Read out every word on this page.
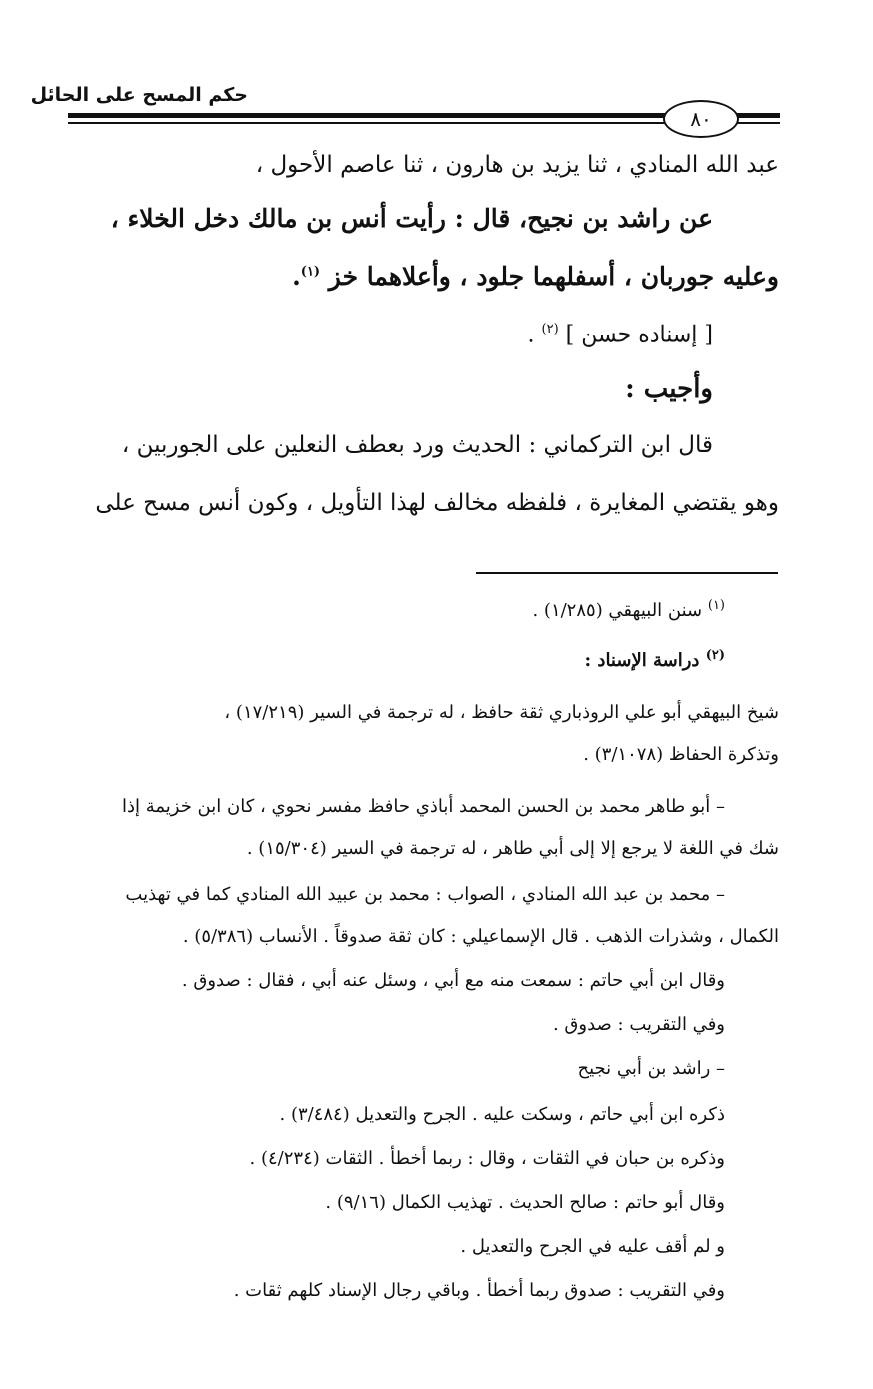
حكم المسح على الحائل
٨٠
عبد الله المنادي ، ثنا يزيد بن هارون ، ثنا عاصم الأحول ،
عن راشد بن نجيح، قال : رأيت أنس بن مالك دخل الخلاء ،
وعليه جوربان ، أسفلهما جلود ، وأعلاهما خز $^{(١)}$.
[ إسناده حسن ] $^{(٢)}$ .
وأجيب :
قال ابن التركماني : الحديث ورد بعطف النعلين على الجوربين ،
وهو يقتضي المغايرة ، فلفظه مخالف لهذا التأويل ، وكون أنس مسح على
$^{(١)}$ سنن البيهقي (١/٢٨٥) .
$^{(٢)}$ دراسة الإسناد :
شيخ البيهقي أبو علي الروذباري ثقة حافظ ، له ترجمة في السير (١٧/٢١٩) ،
وتذكرة الحفاظ (٣/١٠٧٨) .
– أبو طاهر محمد بن الحسن المحمد أباذي حافظ مفسر نحوي ، كان ابن خزيمة إذا
شك في اللغة لا يرجع إلا إلى أبي طاهر ، له ترجمة في السير (١٥/٣٠٤) .
– محمد بن عبد الله المنادي ، الصواب : محمد بن عبيد الله المنادي كما في تهذيب
الكمال ، وشذرات الذهب . قال الإسماعيلي : كان ثقة صدوقاً . الأنساب (٥/٣٨٦) .
وقال ابن أبي حاتم : سمعت منه مع أبي ، وسئل عنه أبي ، فقال : صدوق .
وفي التقريب : صدوق .
– راشد بن أبي نجيح
ذكره ابن أبي حاتم ، وسكت عليه . الجرح والتعديل (٣/٤٨٤) .
وذكره بن حبان في الثقات ، وقال : ربما أخطأ . الثقات (٤/٢٣٤) .
وقال أبو حاتم : صالح الحديث . تهذيب الكمال (٩/١٦) .
و لم أقف عليه في الجرح والتعديل .
وفي التقريب : صدوق ربما أخطأ . وباقي رجال الإسناد كلهم ثقات .
